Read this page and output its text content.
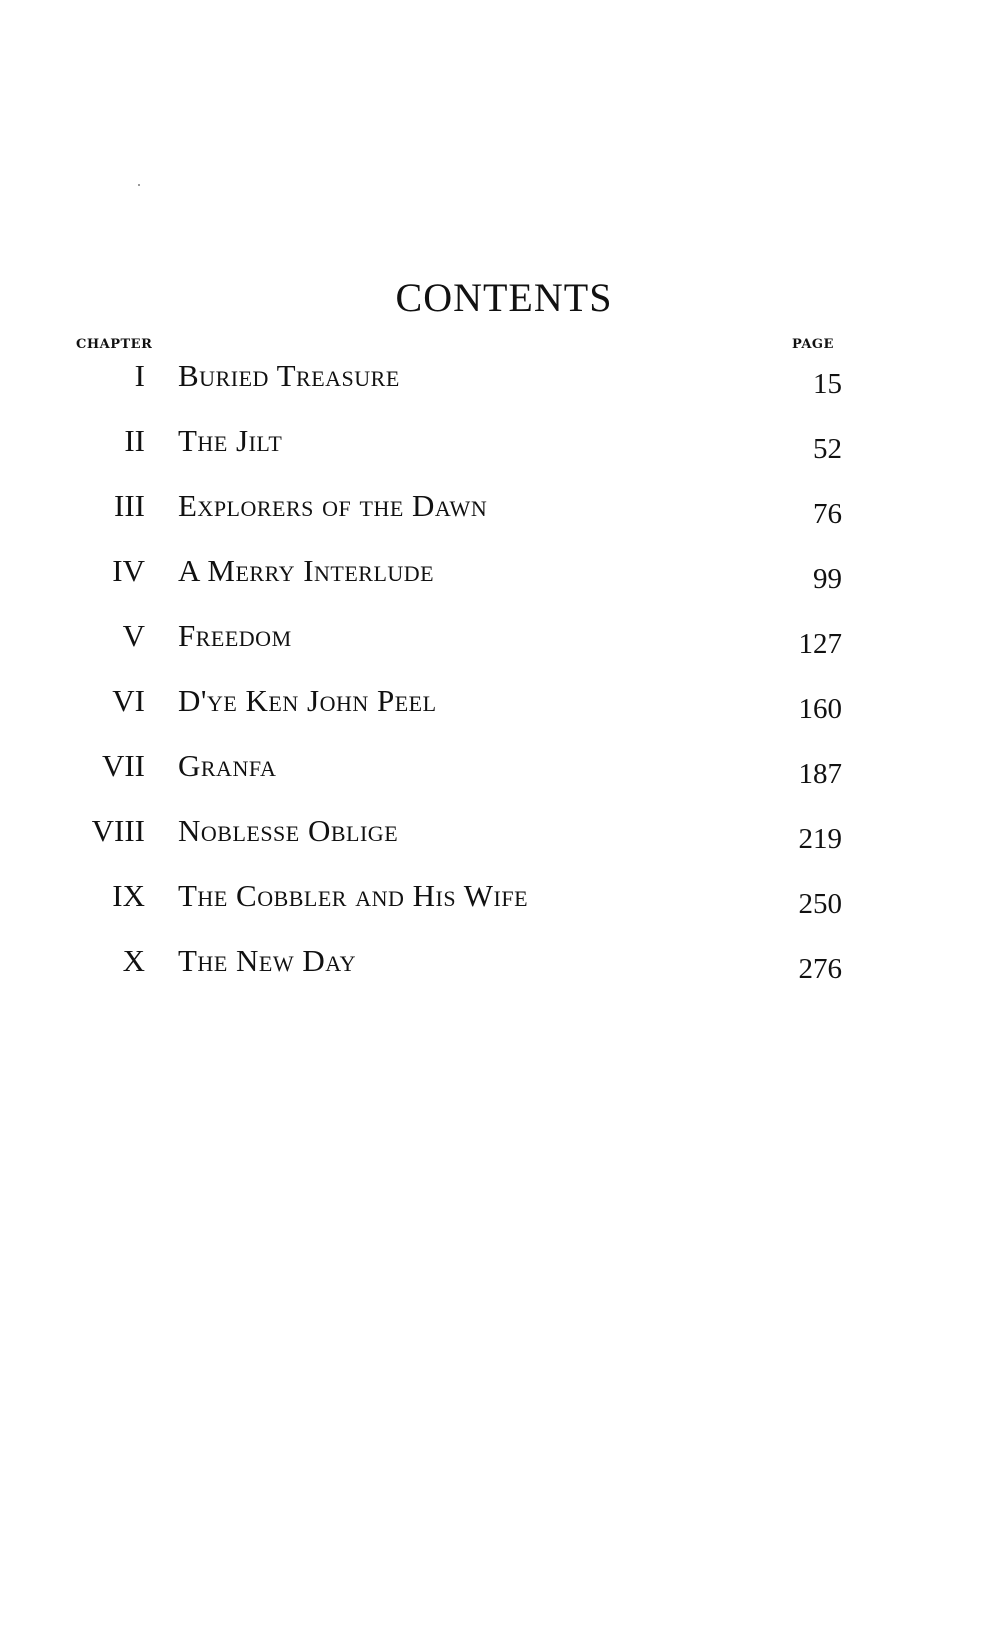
CONTENTS
CHAPTER	PAGE
I Buried Treasure	15
II The Jilt	52
III Explorers of the Dawn	76
IV A Merry Interlude	99
V Freedom	127
VI D'ye Ken John Peel	160
VII Granfa	187
VIII Noblesse Oblige	219
IX The Cobbler and His Wife	250
X The New Day	276
